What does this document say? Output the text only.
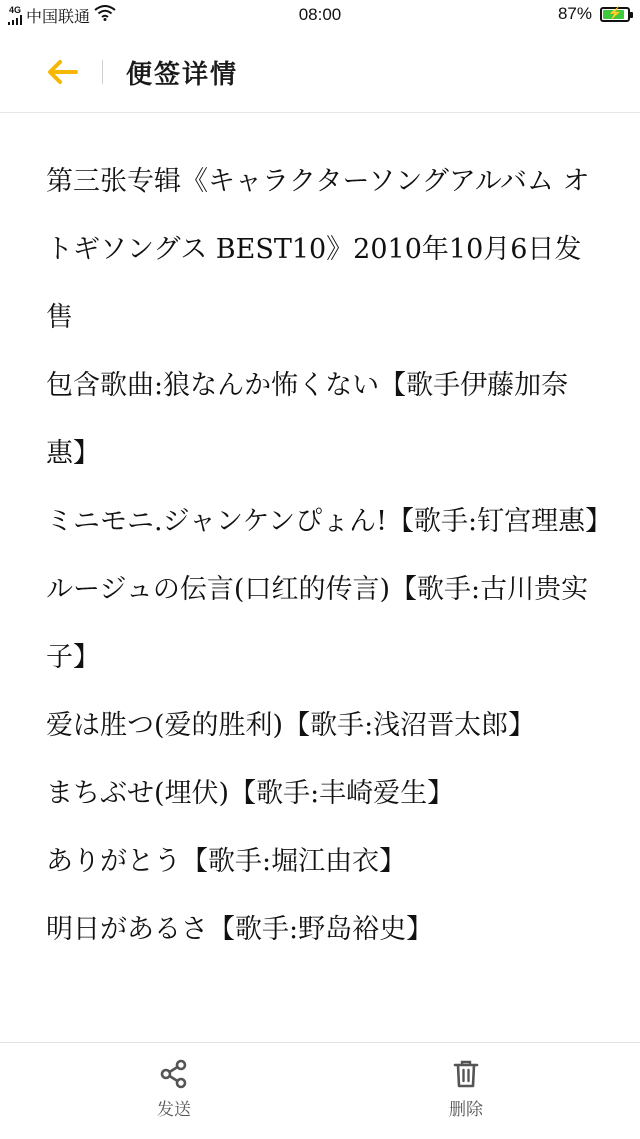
4G 中国联通	08:00	87%	⚡
便签详情

第三张专辑《キャラクターソングアルバム オトギソングス BEST10》2010年10月6日发售

包含歌曲:狼なんか怖くない【歌手伊藤加奈惠】

ミニモニ.ジャンケンぴょん!【歌手:钉宫理惠】

ルージュの伝言(口红的传言)【歌手:古川贵实子】

爱は胜つ(爱的胜利)【歌手:浅沼晋太郎】

まちぶせ(埋伏)【歌手:丰崎爱生】

ありがとう【歌手:堀江由衣】

明日があるさ【歌手:野岛裕史】

发送	删除
